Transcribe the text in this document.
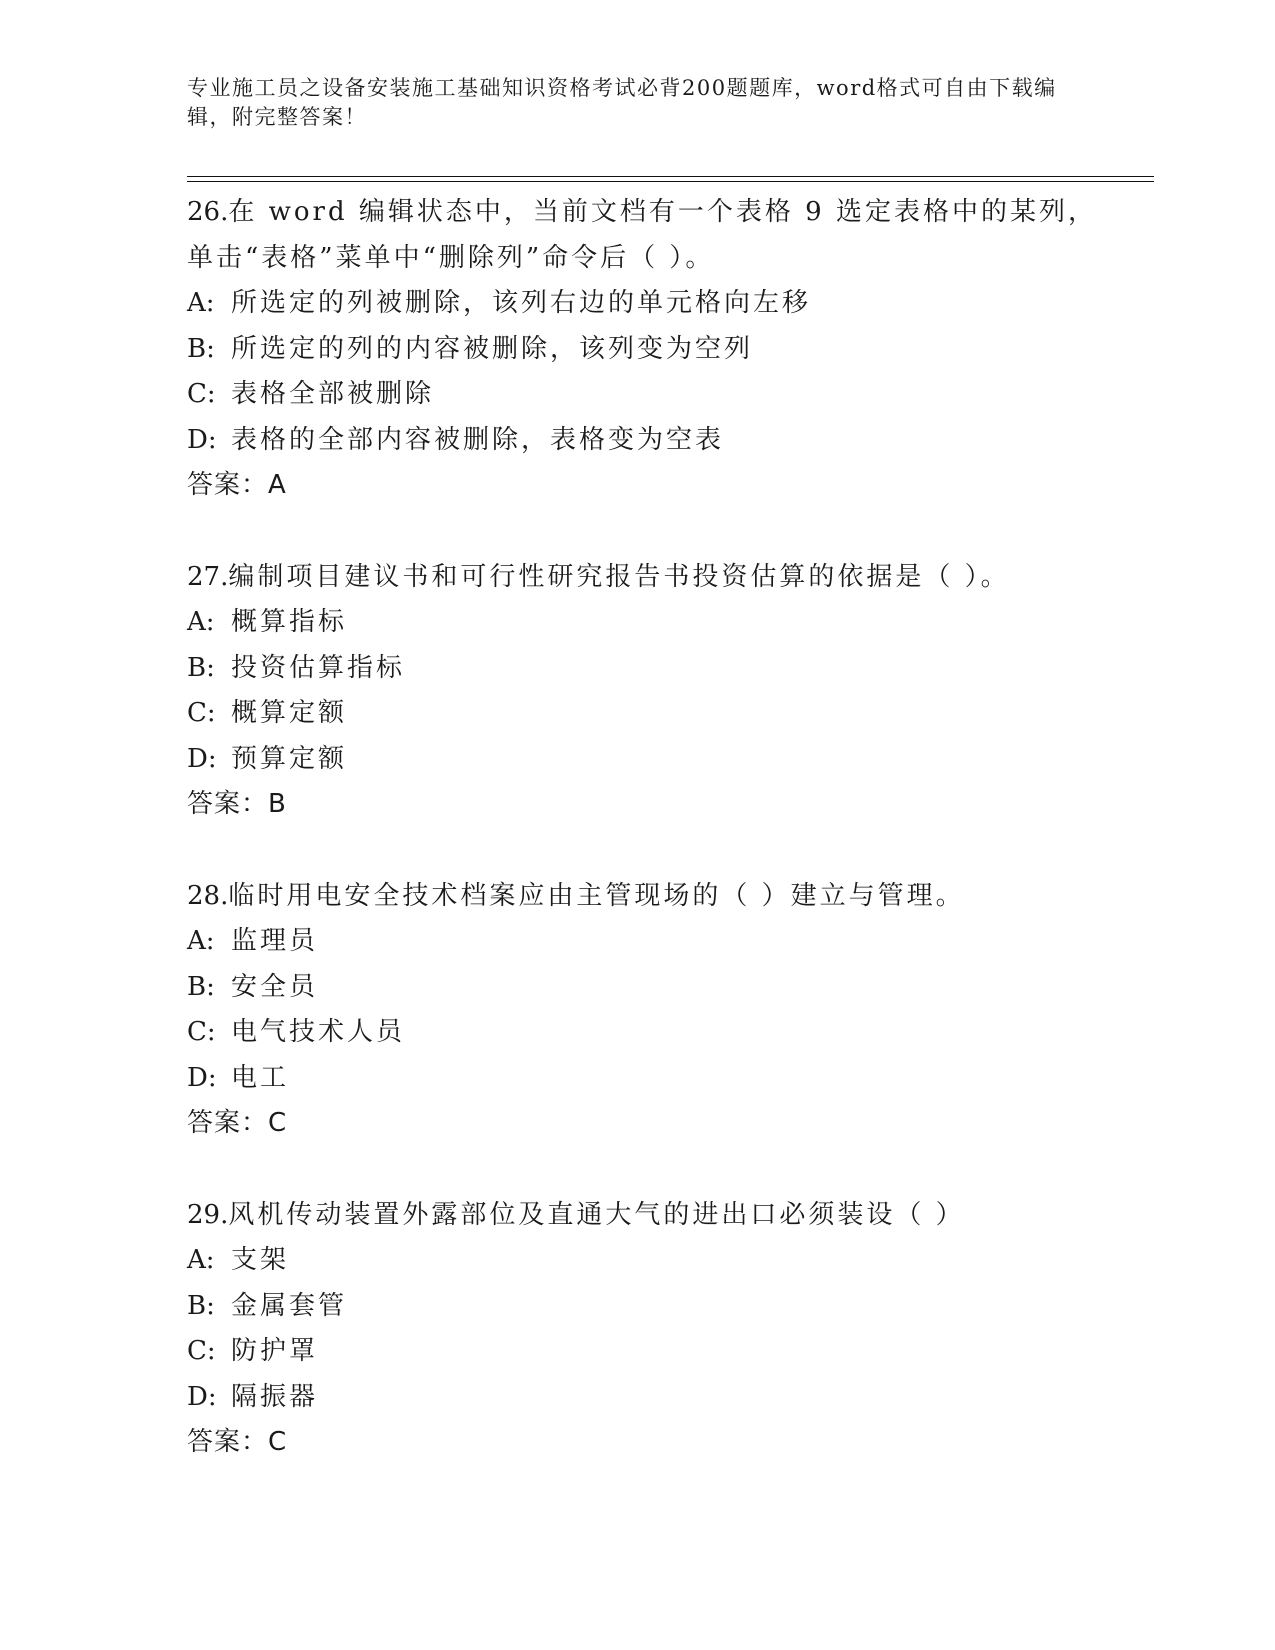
专业施工员之设备安装施工基础知识资格考试必背200题题库，word格式可自由下载编辑，附完整答案！
26. 在 word 编辑状态中，当前文档有一个表格 9 选定表格中的某列，
单击“表格”菜单中“删除列”命令后（ ）。
A: 所选定的列被删除，该列右边的单元格向左移
B: 所选定的列的内容被删除，该列变为空列
C: 表格全部被删除
D: 表格的全部内容被删除，表格变为空表
答案：A
27. 编制项目建议书和可行性研究报告书投资估算的依据是（ ）。
A: 概算指标
B: 投资估算指标
C: 概算定额
D: 预算定额
答案：B
28. 临时用电安全技术档案应由主管现场的（ ）建立与管理。
A: 监理员
B: 安全员
C: 电气技术人员
D: 电工
答案：C
29. 风机传动装置外露部位及直通大气的进出口必须装设（ ）
A: 支架
B: 金属套管
C: 防护罩
D: 隔振器
答案：C
